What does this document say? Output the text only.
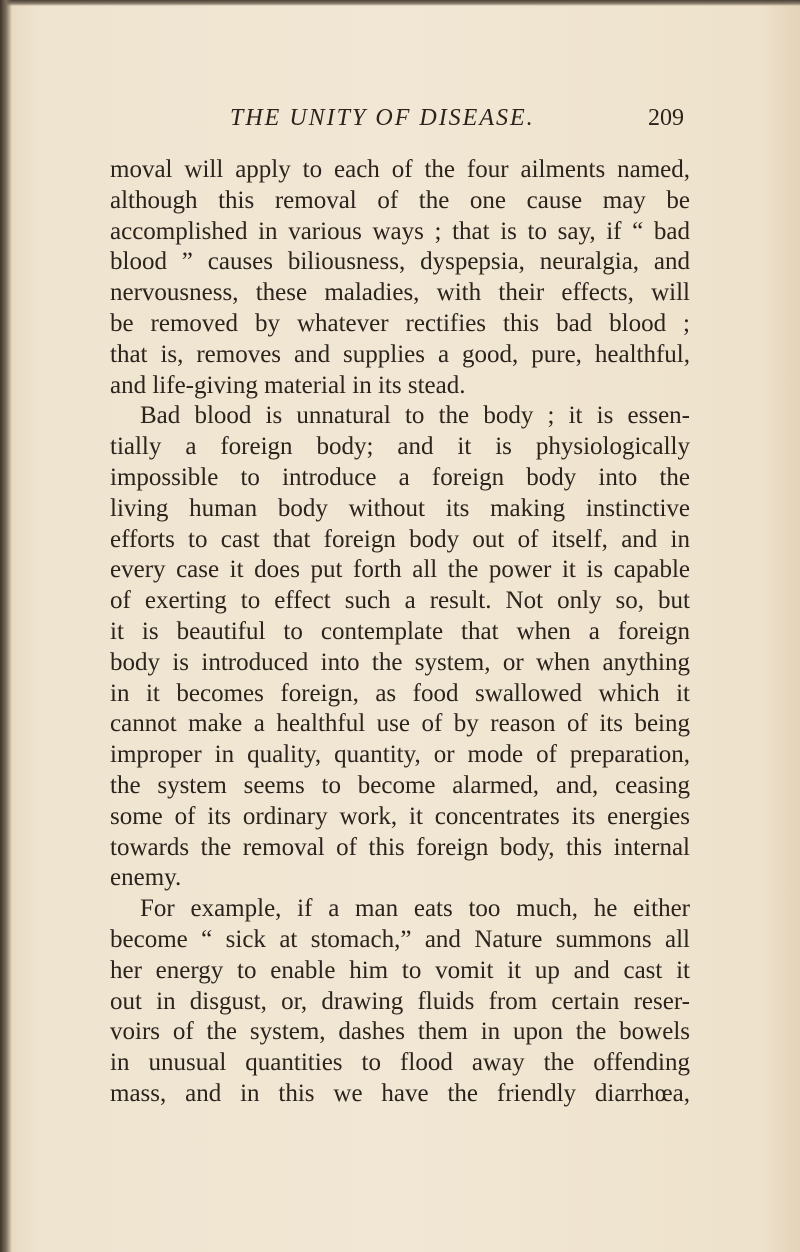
THE UNITY OF DISEASE.	209
moval will apply to each of the four ailments named,
although this removal of the one cause may be
accomplished in various ways ; that is to say, if “ bad
blood ” causes biliousness, dyspepsia, neuralgia, and
nervousness, these maladies, with their effects, will
be removed by whatever rectifies this bad blood ;
that is, removes and supplies a good, pure, healthful,
and life-giving material in its stead.
Bad blood is unnatural to the body ; it is essen-
tially a foreign body; and it is physiologically
impossible to introduce a foreign body into the
living human body without its making instinctive
efforts to cast that foreign body out of itself, and in
every case it does put forth all the power it is capable
of exerting to effect such a result. Not only so, but
it is beautiful to contemplate that when a foreign
body is introduced into the system, or when anything
in it becomes foreign, as food swallowed which it
cannot make a healthful use of by reason of its being
improper in quality, quantity, or mode of preparation,
the system seems to become alarmed, and, ceasing
some of its ordinary work, it concentrates its energies
towards the removal of this foreign body, this internal
enemy.
For example, if a man eats too much, he either
become “ sick at stomach,” and Nature summons all
her energy to enable him to vomit it up and cast it
out in disgust, or, drawing fluids from certain reser-
voirs of the system, dashes them in upon the bowels
in unusual quantities to flood away the offending
mass, and in this we have the friendly diarrhœa,
